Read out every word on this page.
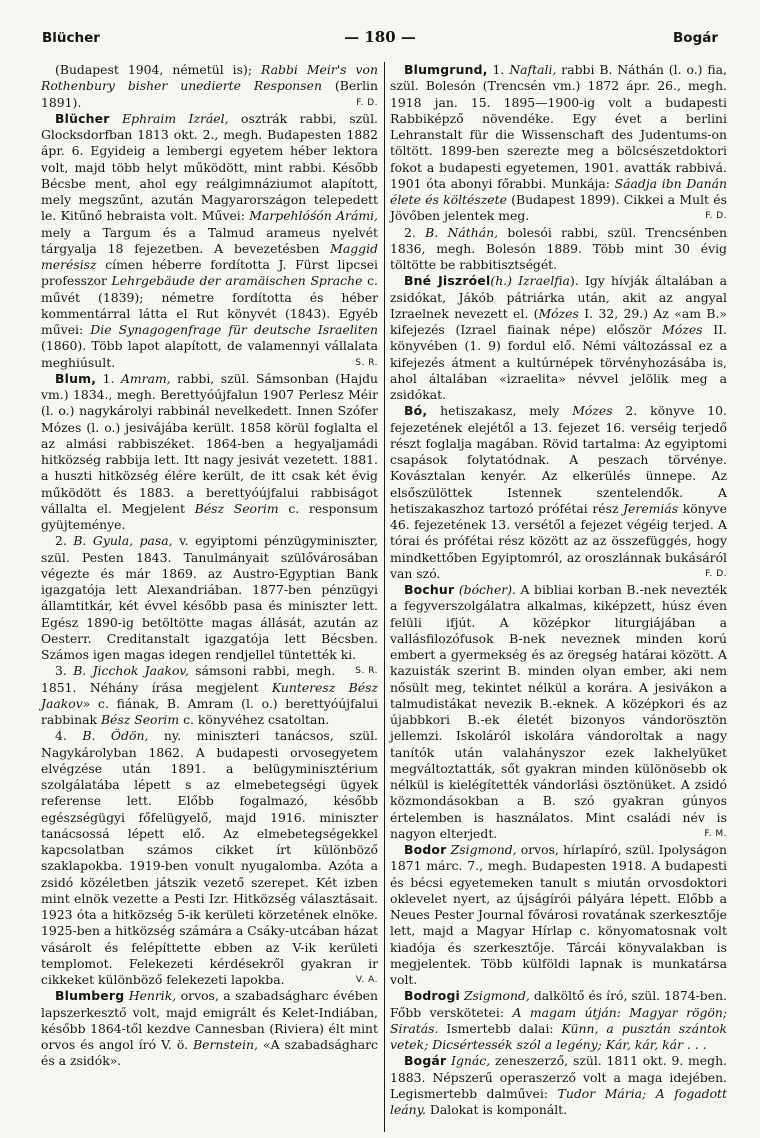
Blücher	— 180 —	Bogár

(Budapest 1904, németül is); Rabbi Meir's von Rothenbury bisher unedierte Responsen (Berlin 1891).	F. D.

Blücher Ephraim Izráel, osztrák rabbi, szül. Glocksdorfban 1813 okt. 2., megh. Budapesten 1882 ápr. 6. Egyideig a lembergi egyetem héber lektora volt, majd több helyt működött, mint rabbi. Később Bécsbe ment, ahol egy reálgimnáziumot alapított, mely megszűnt, azután Magyarországon telepedett le. Kitűnő hebraista volt. Művei: Marpehlóśón Arámi, mely a Targum és a Talmud arameus nyelvét tárgyalja 18 fejezetben. A bevezetésben Maggid merésisz címen héberre fordította J. Fürst lipcsei professzor Lehrgebäude der aramäischen Sprache c. művét (1839); németre fordította és héber kommentárral látta el Rut könyvét (1843). Egyéb művei: Die Synagogenfrage für deutsche Israeliten (1860). Több lapot alapított, de valamennyi vállalata meghiúsult.	S. R.

Blum, 1. Amram, rabbi, szül. Sámsonban (Hajdu vm.) 1834., megh. Berettyóújfalun 1907 Perlesz Méir (l. o.) nagykárolyi rabbinál nevelkedett. Innen Szófer Mózes (l. o.) jesivájába került. 1858 körül foglalta el az almási rabbiszéket. 1864-ben a hegyaljamádi hitközség rabbija lett. Itt nagy jesivát vezetett. 1881. a huszti hitközség élére került, de itt csak két évig működött és 1883. a berettyóújfalui rabbiságot vállalta el. Megjelent Bész Seorim c. responsum gyüjteménye.

2. B. Gyula, pasa, v. egyiptomi pénzügyminiszter, szül. Pesten 1843. Tanulmányait szülővárosában végezte és már 1869. az Austro-Egyptian Bank igazgatója lett Alexandriában. 1877-ben pénzügyi államtitkár, két évvel később pasa és miniszter lett. Egész 1890-ig betöltötte magas állását, azután az Oesterr. Creditanstalt igazgatója lett Bécsben. Számos igen magas idegen rendjellel tüntették ki.
S. R.

3. B. Jicchok Jaakov, sámsoni rabbi, megh. 1851. Néhány írása megjelent Kunteresz Bész Jaakov» c. fiának, B. Amram (l. o.) berettyóújfalui rabbinak Bész Seorim c. könyvéhez csatoltan.

4. B. Ödön, ny. miniszteri tanácsos, szül. Nagykárolyban 1862. A budapesti orvosegyetem elvégzése után 1891. a belügyminisztérium szolgálatába lépett s az elmebetegségi ügyek referense lett. Előbb fogalmazó, később egészségügyi főfelügyelő, majd 1916. miniszter tanácsossá lépett elő. Az elmebetegségekkel kapcsolatban számos cikket írt különböző szaklapokba. 1919-ben vonult nyugalomba. Azóta a zsidó közéletben játszik vezető szerepet. Két izben mint elnök vezette a Pesti Izr. Hitközség választásait. 1923 óta a hitközség 5-ik kerületi körzetének elnöke. 1925-ben a hitközség számára a Csáky-utcában házat vásárolt és felépíttette ebben az V-ik kerületi templomot. Felekezeti kérdésekről gyakran ir cikkeket különböző felekezeti lapokba.	V. A.

Blumberg Henrik, orvos, a szabadságharc évében lapszerkesztő volt, majd emigrált és Kelet-Indiában, később 1864-től kezdve Cannesban (Riviera) élt mint orvos és angol író V. ö. Bernstein, «A szabadságharc és a zsidók».

Blumgrund, 1. Naftali, rabbi B. Náthán (l. o.) fia, szül. Bolesón (Trencsén vm.) 1872 ápr. 26., megh. 1918 jan. 15. 1895—1900-ig volt a budapesti Rabbiképző növendéke. Egy évet a berlini Lehranstalt für die Wissenschaft des Judentums-on töltött. 1899-ben szerezte meg a bölcsészetdoktori fokot a budapesti egyetemen, 1901. avatták rabbivá. 1901 óta abonyi főrabbi. Munkája: Sáadja ibn Danán élete és költészete (Budapest 1899). Cikkei a Mult és Jövőben jelentek meg.	F. D.

2. B. Náthán, bolesói rabbi, szül. Trencsénben 1836, megh. Bolesón 1889. Több mint 30 évig töltötte be rabbitisztségét.

Bné Jiszróel(h.) Izraelfia). Igy hívják általában a zsidókat, Jákób pátriárka után, akit az angyal Izraelnek nevezett el. (Mózes I. 32, 29.) Az «am B.» kifejezés (Izrael fiainak népe) először Mózes II. könyvében (1. 9) fordul elő. Némi változással ez a kifejezés átment a kultúrnépek törvényhozásába is, ahol általában «izraelita» névvel jelölik meg a zsidókat.

Bó, hetiszakasz, mely Mózes 2. könyve 10. fejezetének elejétől a 13. fejezet 16. verséig terjedő részt foglalja magában. Rövid tartalma: Az egyiptomi csapások folytatódnak. A peszach törvénye. Kovásztalan kenyér. Az elkerülés ünnepe. Az elsőszülöttek Istennek szentelendők. A hetiszakaszhoz tartozó prófétai rész Jeremiás könyve 46. fejezetének 13. versétől a fejezet végéig terjed. A tórai és prófétai rész között az az összefüggés, hogy mindkettőben Egyiptomról, az oroszlánnak bukásáról van szó.	F. D.

Bochur (bócher). A bibliai korban B.-nek nevezték a fegyverszolgálatra alkalmas, kiképzett, húsz éven felüli ifjút. A középkor liturgiájában a vallásfilozófusok B-nek neveznek minden korú embert a gyermekség és az öregség határai között. A kazuisták szerint B. minden olyan ember, aki nem nősült meg, tekintet nélkül a korára. A jesivákon a talmudistákat nevezik B.-eknek. A középkori és az újabbkori B.-ek életét bizonyos vándorösztön jellemzi. Iskoláról iskolára vándoroltak a nagy tanítók után valahányszor ezek lakhelyüket megváltoztatták, sőt gyakran minden különösebb ok nélkül is kielégítették vándorlási ösztönüket. A zsidó közmondásokban a B. szó gyakran gúnyos értelemben is használatos. Mint családi név is nagyon elterjedt.	F. M.

Bodor Zsigmond, orvos, hírlapíró, szül. Ipolyságon 1871 márc. 7., megh. Budapesten 1918. A budapesti és bécsi egyetemeken tanult s miután orvosdoktori oklevelet nyert, az újságírói pályára lépett. Előbb a Neues Pester Journal fővárosi rovatának szerkesztője lett, majd a Magyar Hírlap c. könyomatosnak volt kiadója és szerkesztője. Tárcái könyvalakban is megjelentek. Több külföldi lapnak is munkatársa volt.

Bodrogi Zsigmond, dalköltő és író, szül. 1874-ben. Főbb verskötetei: A magam útján: Magyar rögön; Siratás. Ismertebb dalai: Künn, a pusztán szántok vetek; Dicsértessék szól a legény; Kár, kár, kár . . .

Bogár Ignác, zeneszerző, szül. 1811 okt. 9. megh. 1883. Népszerű operaszerző volt a maga idejében. Legismertebb dalművei: Tudor Mária; A fogadott leány. Dalokat is komponált.
